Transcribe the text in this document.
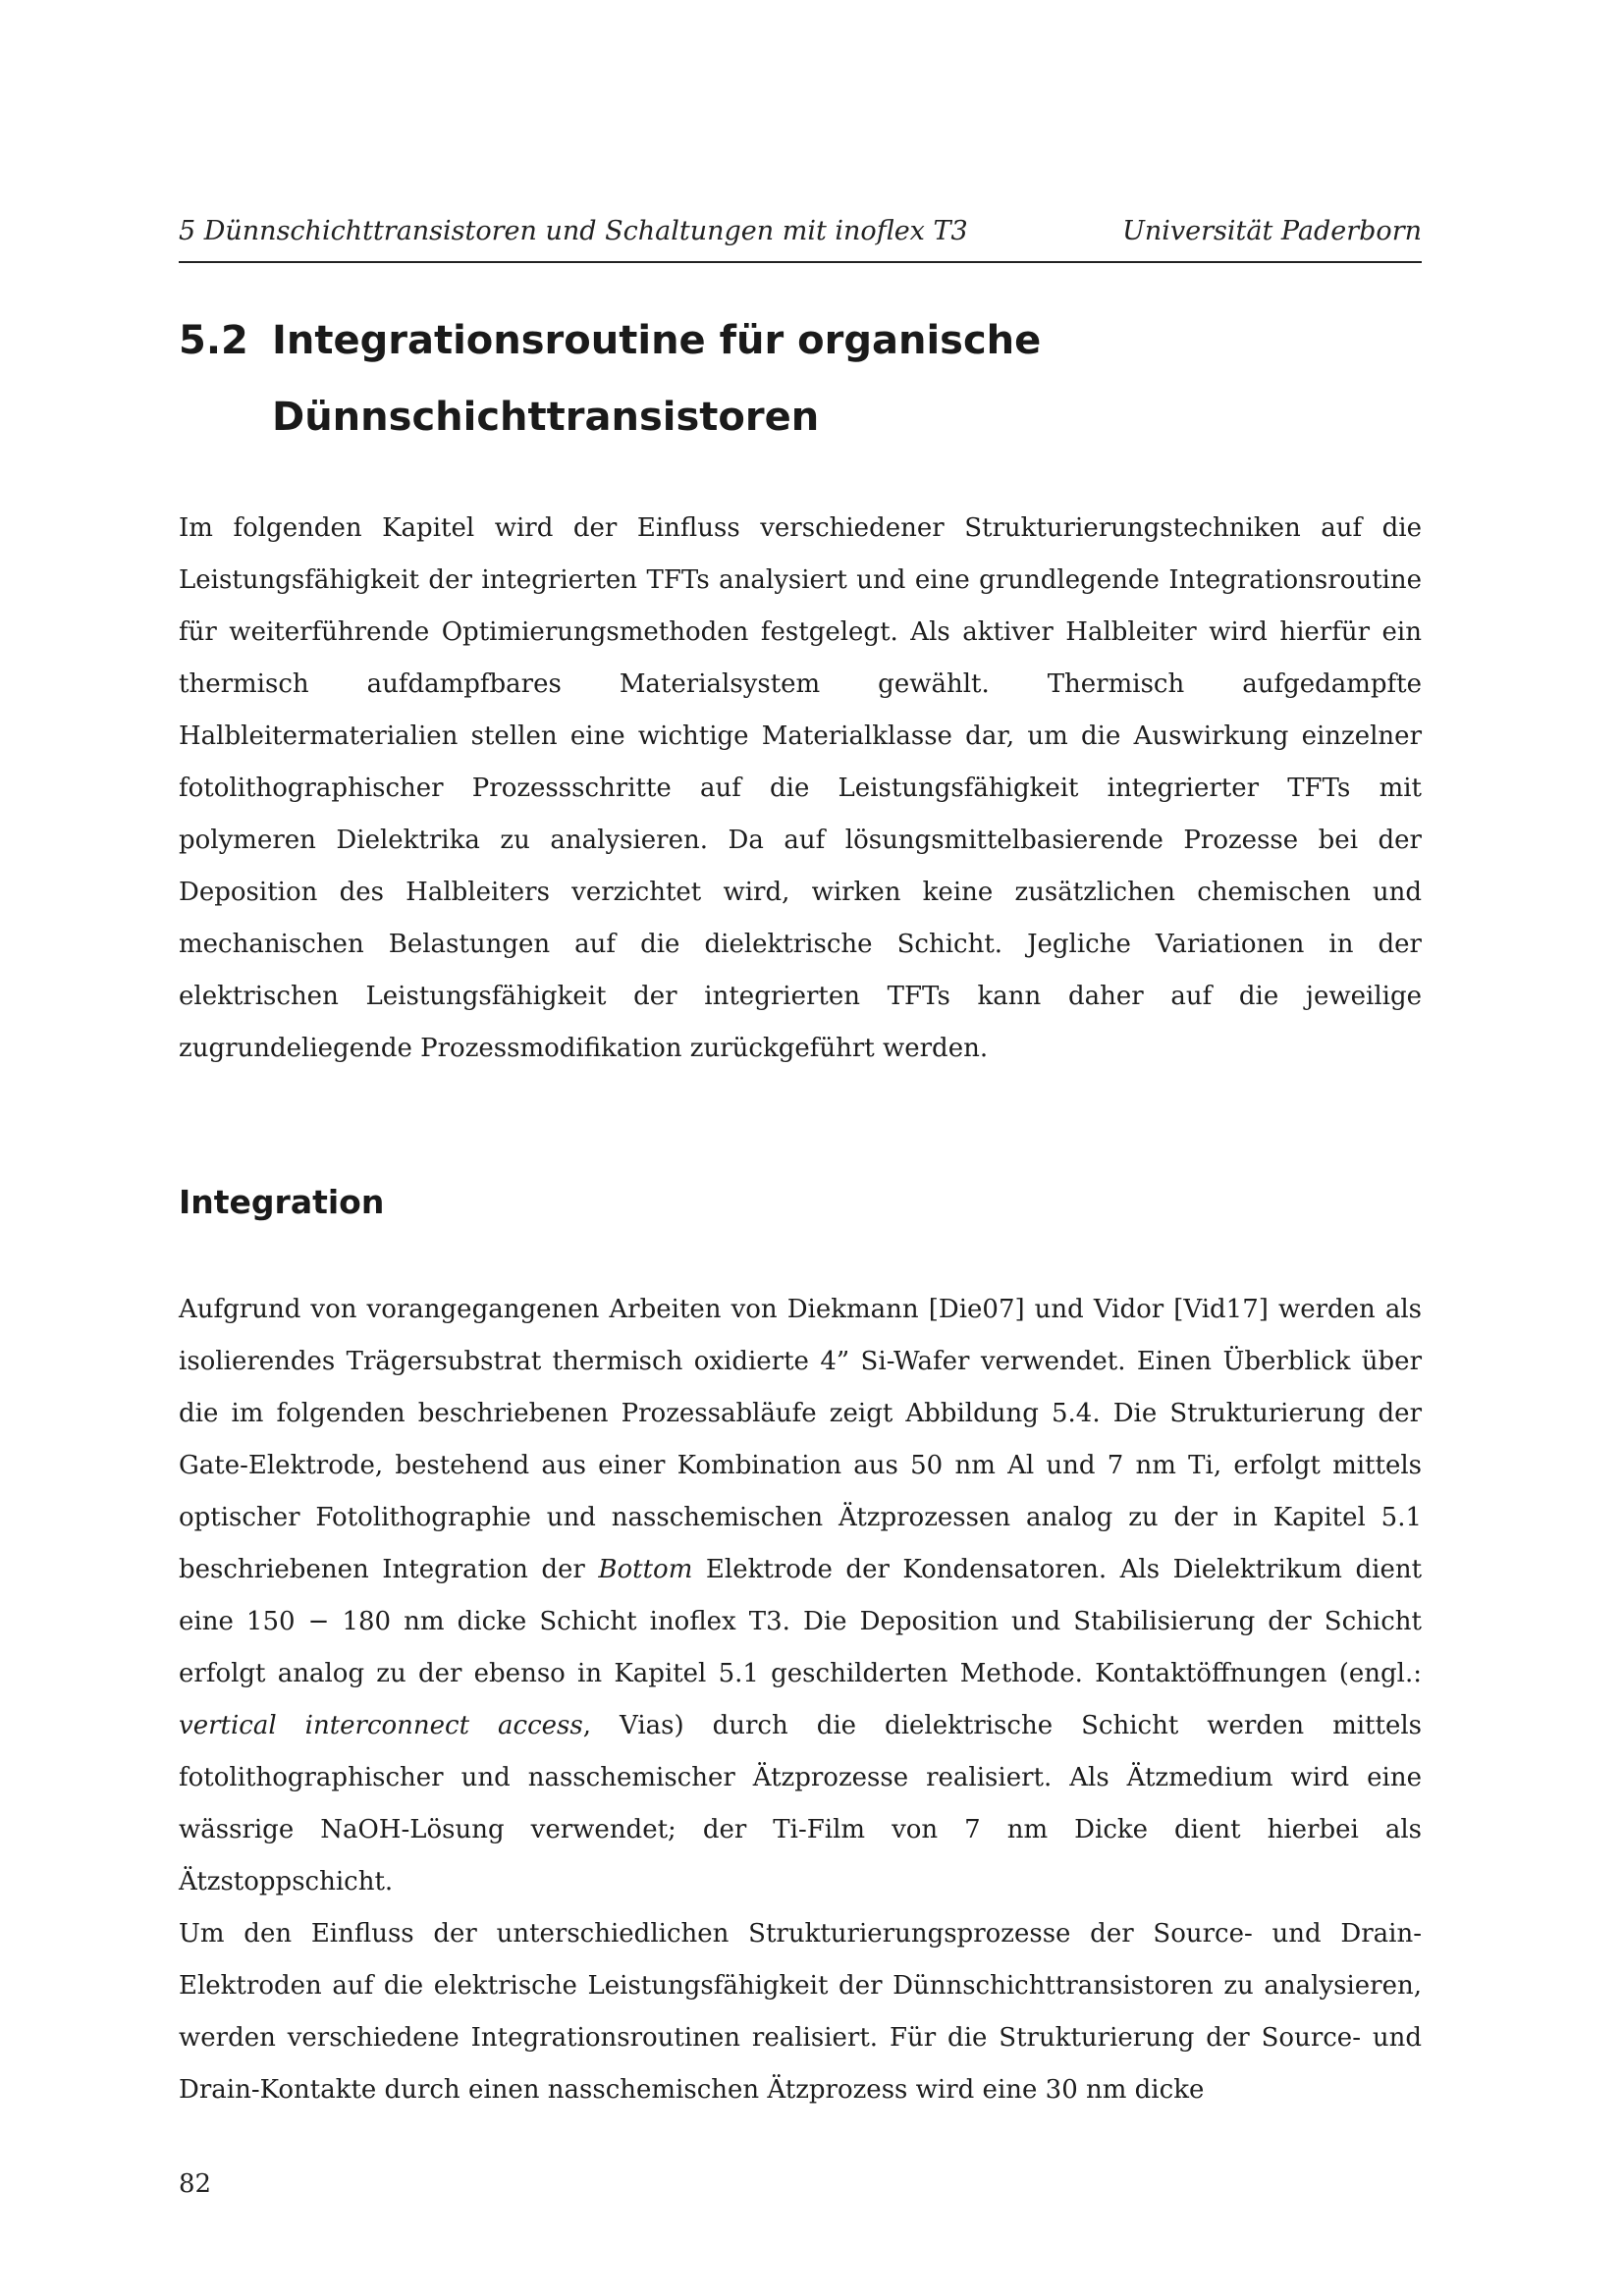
5 Dünnschichttransistoren und Schaltungen mit inoflex T3	Universität Paderborn
5.2 Integrationsroutine für organische
Dünnschichttransistoren

Im folgenden Kapitel wird der Einfluss verschiedener Strukturierungstechniken auf die Leistungsfähigkeit der integrierten TFTs analysiert und eine grundlegende Integrationsroutine für weiterführende Optimierungsmethoden festgelegt. Als aktiver Halbleiter wird hierfür ein thermisch aufdampfbares Materialsystem gewählt. Thermisch aufgedampfte Halbleitermaterialien stellen eine wichtige Materialklasse dar, um die Auswirkung einzelner fotolithographischer Prozessschritte auf die Leistungsfähigkeit integrierter TFTs mit polymeren Dielektrika zu analysieren. Da auf lösungsmittelbasierende Prozesse bei der Deposition des Halbleiters verzichtet wird, wirken keine zusätzlichen chemischen und mechanischen Belastungen auf die dielektrische Schicht. Jegliche Variationen in der elektrischen Leistungsfähigkeit der integrierten TFTs kann daher auf die jeweilige zugrundeliegende Prozessmodifikation zurückgeführt werden.

Integration

Aufgrund von vorangegangenen Arbeiten von Diekmann [Die07] und Vidor [Vid17] werden als isolierendes Trägersubstrat thermisch oxidierte 4” Si-Wafer verwendet. Einen Überblick über die im folgenden beschriebenen Prozessabläufe zeigt Abbildung 5.4. Die Strukturierung der Gate-Elektrode, bestehend aus einer Kombination aus 50 nm Al und 7 nm Ti, erfolgt mittels optischer Fotolithographie und nasschemischen Ätzprozessen analog zu der in Kapitel 5.1 beschriebenen Integration der Bottom Elektrode der Kondensatoren. Als Dielektrikum dient eine 150 − 180 nm dicke Schicht inoflex T3. Die Deposition und Stabilisierung der Schicht erfolgt analog zu der ebenso in Kapitel 5.1 geschilderten Methode. Kontaktöffnungen (engl.: vertical interconnect access, Vias) durch die dielektrische Schicht werden mittels fotolithographischer und nasschemischer Ätzprozesse realisiert. Als Ätzmedium wird eine wässrige NaOH-Lösung verwendet; der Ti-Film von 7 nm Dicke dient hierbei als Ätzstoppschicht.

Um den Einfluss der unterschiedlichen Strukturierungsprozesse der Source- und Drain-Elektroden auf die elektrische Leistungsfähigkeit der Dünnschichttransistoren zu analysieren, werden verschiedene Integrationsroutinen realisiert. Für die Strukturierung der Source- und Drain-Kontakte durch einen nasschemischen Ätzprozess wird eine 30 nm dicke

82
